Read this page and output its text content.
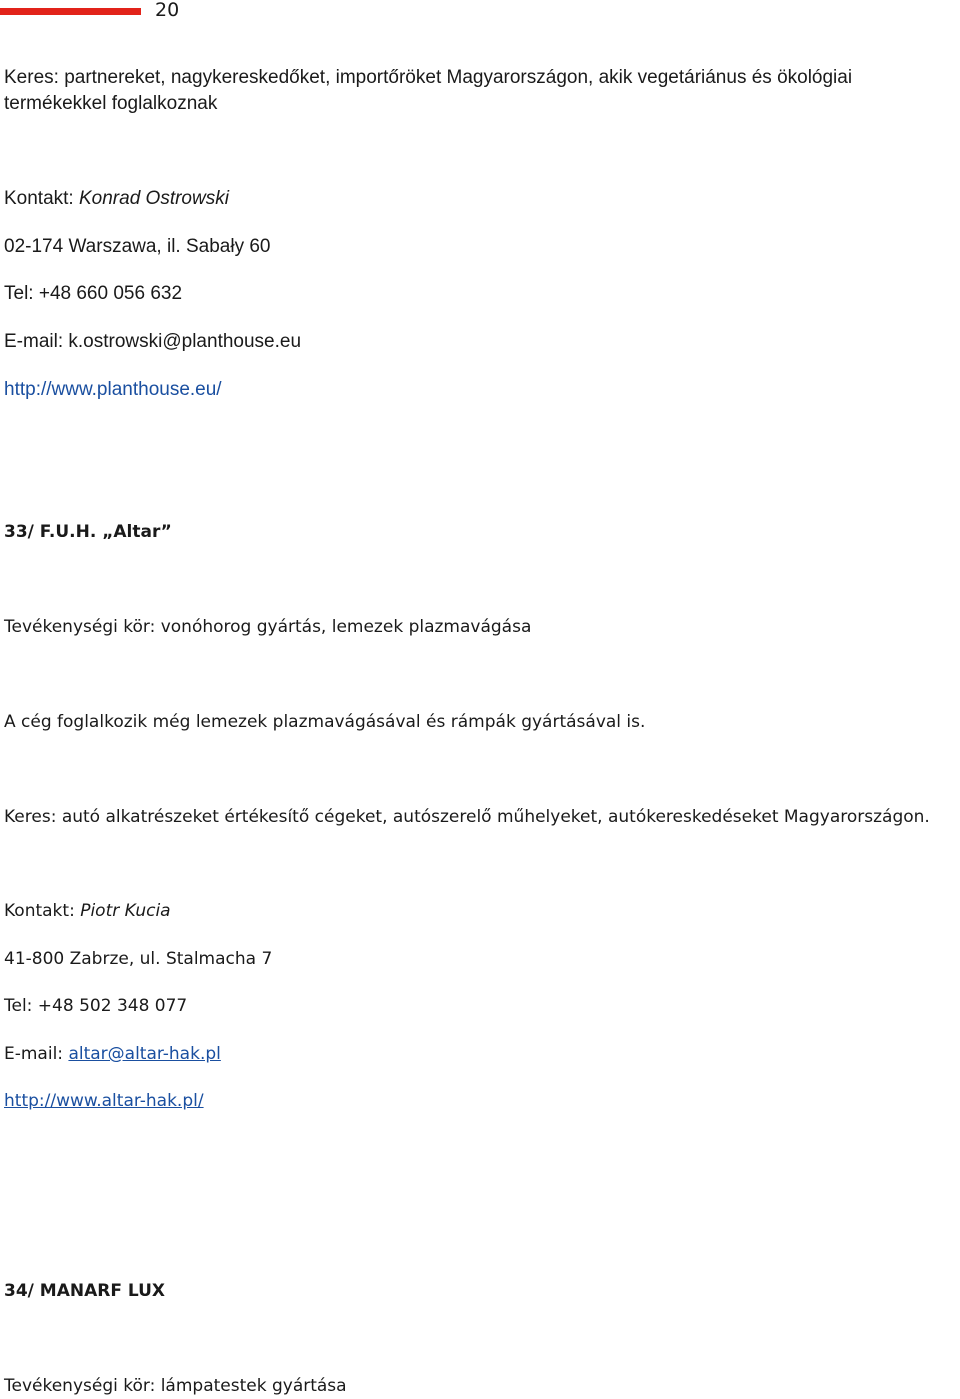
20
Keres: partnereket, nagykereskedőket, importőröket Magyarországon, akik vegetáriánus és ökológiai
termékekkel foglalkoznak
Kontakt: Konrad Ostrowski
02-174 Warszawa, il. Sabały 60
Tel: +48 660 056 632
E-mail: k.ostrowski@planthouse.eu
http://www.planthouse.eu/
33/ F.U.H. „Altar”
Tevékenységi kör: vonóhorog gyártás, lemezek plazmavágása
A cég foglalkozik még lemezek plazmavágásával és rámpák gyártásával is.
Keres: autó alkatrészeket értékesítő cégeket, autószerelő műhelyeket, autókereskedéseket Magyarországon.
Kontakt: Piotr Kucia
41-800 Zabrze, ul. Stalmacha 7
Tel: +48 502 348 077
E-mail: altar@altar-hak.pl
http://www.altar-hak.pl/
34/ MANARF LUX
Tevékenységi kör: lámpatestek gyártása
